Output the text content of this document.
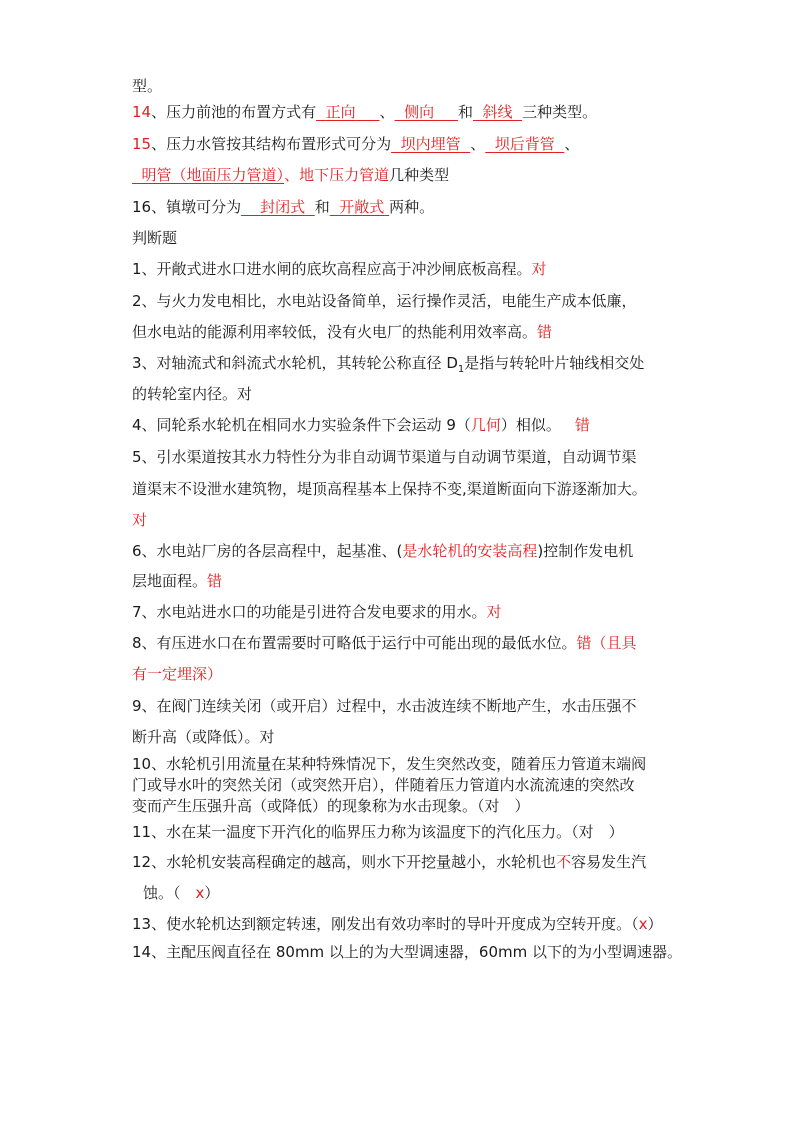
型。
14、压力前池的布置方式有 正向 、 侧向 和 斜线 三种类型。
15、压力水管按其结构布置形式可分为 坝内埋管 、 坝后背管 、
明管（地面压力管道）、地下压力管道几种类型
16、镇墩可分为 封闭式 和 开敞式 两种。
判断题
1、开敞式进水口进水闸的底坎高程应高于冲沙闸底板高程。对
2、与火力发电相比，水电站设备简单，运行操作灵活，电能生产成本低廉，
但水电站的能源利用率较低，没有火电厂的热能利用效率高。错
3、对轴流式和斜流式水轮机，其转轮公称直径 $D_1$是指与转轮叶片轴线相交处
的转轮室内径。对
4、同轮系水轮机在相同水力实验条件下会运动 9（几何）相似。 错
5、引水渠道按其水力特性分为非自动调节渠道与自动调节渠道，自动调节渠
道渠末不设泄水建筑物，堤顶高程基本上保持不变,渠道断面向下游逐渐加大。
对
6、水电站厂房的各层高程中，起基准、(是水轮机的安装高程)控制作发电机
层地面程。错
7、水电站进水口的功能是引进符合发电要求的用水。对
8、有压进水口在布置需要时可略低于运行中可能出现的最低水位。错（且具
有一定埋深）
9、在阀门连续关闭（或开启）过程中，水击波连续不断地产生，水击压强不
断升高（或降低）。对
10、水轮机引用流量在某种特殊情况下，发生突然改变，随着压力管道末端阀
门或导水叶的突然关闭（或突然开启），伴随着压力管道内水流流速的突然改
变而产生压强升高（或降低）的现象称为水击现象。（对　）
11、水在某一温度下开汽化的临界压力称为该温度下的汽化压力。（对　）
12、水轮机安装高程确定的越高，则水下开挖量越小，水轮机也不容易发生汽
蚀。（　x）
13、使水轮机达到额定转速，刚发出有效功率时的导叶开度成为空转开度。（x）
14、主配压阀直径在 80mm 以上的为大型调速器，60mm 以下的为小型调速器。
